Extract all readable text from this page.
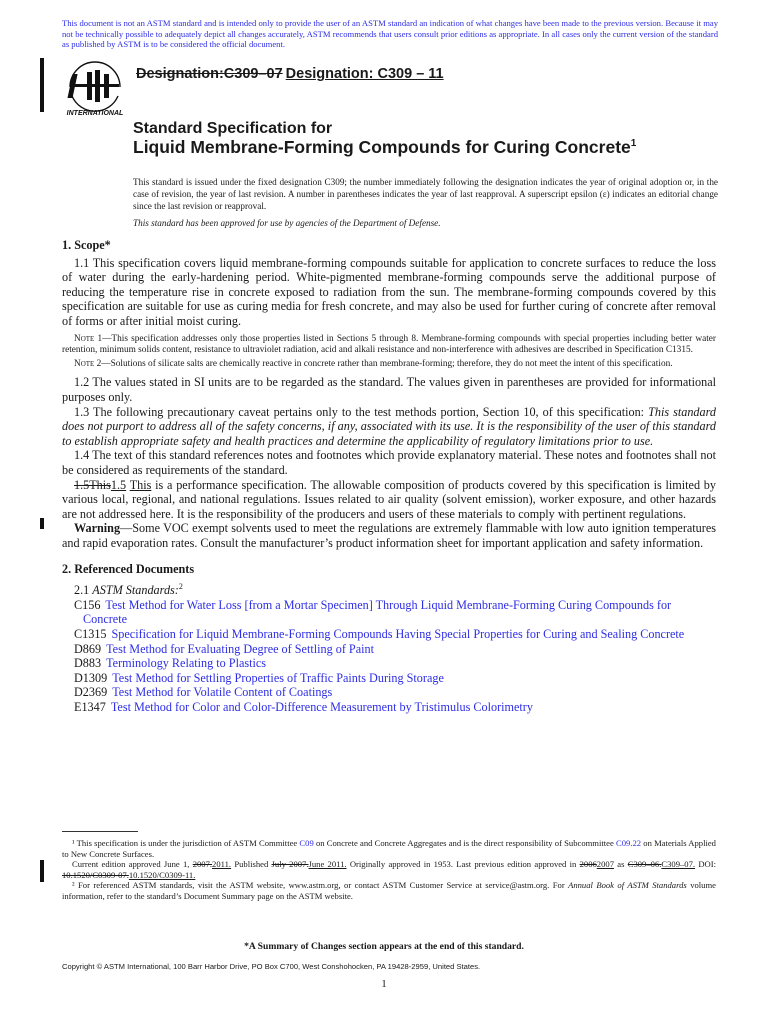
This document is not an ASTM standard and is intended only to provide the user of an ASTM standard an indication of what changes have been made to the previous version. Because it may not be technically possible to adequately depict all changes accurately, ASTM recommends that users consult prior editions as appropriate. In all cases only the current version of the standard as published by ASTM is to be considered the official document.
INTERNATIONAL
Designation:C309–07 Designation: C309 – 11
Standard Specification for
Liquid Membrane-Forming Compounds for Curing Concrete$^1$
This standard is issued under the fixed designation C309; the number immediately following the designation indicates the year of original adoption or, in the case of revision, the year of last revision. A number in parentheses indicates the year of last reapproval. A superscript epsilon (ε) indicates an editorial change since the last revision or reapproval.
This standard has been approved for use by agencies of the Department of Defense.
1. Scope*

1.1 This specification covers liquid membrane-forming compounds suitable for application to concrete surfaces to reduce the loss of water during the early-hardening period. White-pigmented membrane-forming compounds serve the additional purpose of reducing the temperature rise in concrete exposed to radiation from the sun. The membrane-forming compounds covered by this specification are suitable for use as curing media for fresh concrete, and may also be used for further curing of concrete after removal of forms or after initial moist curing.

Note 1—This specification addresses only those properties listed in Sections 5 through 8. Membrane-forming compounds with special properties including better water retention, minimum solids content, resistance to ultraviolet radiation, acid and alkali resistance and non-interference with adhesives are described in Specification C1315.

Note 2—Solutions of silicate salts are chemically reactive in concrete rather than membrane-forming; therefore, they do not meet the intent of this specification.

1.2 The values stated in SI units are to be regarded as the standard. The values given in parentheses are provided for informational purposes only.

1.3 The following precautionary caveat pertains only to the test methods portion, Section 10, of this specification: This standard does not purport to address all of the safety concerns, if any, associated with its use. It is the responsibility of the user of this standard to establish appropriate safety and health practices and determine the applicability of regulatory limitations prior to use.

1.4 The text of this standard references notes and footnotes which provide explanatory material. These notes and footnotes shall not be considered as requirements of the standard.

1.5This1.5 This is a performance specification. The allowable composition of products covered by this specification is limited by various local, regional, and national regulations. Issues related to air quality (solvent emission), worker exposure, and other hazards are not addressed here. It is the responsibility of the producers and users of these materials to comply with pertinent regulations.

Warning—Some VOC exempt solvents used to meet the regulations are extremely flammable with low auto ignition temperatures and rapid evaporation rates. Consult the manufacturer’s product information sheet for important application and safety information.

2. Referenced Documents

2.1 ASTM Standards:$^2$

C156 Test Method for Water Loss [from a Mortar Specimen] Through Liquid Membrane-Forming Curing Compounds for Concrete
C1315 Specification for Liquid Membrane-Forming Compounds Having Special Properties for Curing and Sealing Concrete
D869 Test Method for Evaluating Degree of Settling of Paint
D883 Terminology Relating to Plastics
D1309 Test Method for Settling Properties of Traffic Paints During Storage
D2369 Test Method for Volatile Content of Coatings
E1347 Test Method for Color and Color-Difference Measurement by Tristimulus Colorimetry

¹ This specification is under the jurisdiction of ASTM Committee C09 on Concrete and Concrete Aggregates and is the direct responsibility of Subcommittee C09.22 on Materials Applied to New Concrete Surfaces.

Current edition approved June 1, 2007.2011. Published July 2007.June 2011. Originally approved in 1953. Last previous edition approved in 20062007 as C309–06.C309–07. DOI: 10.1520/C0309-07.10.1520/C0309-11.

² For referenced ASTM standards, visit the ASTM website, www.astm.org, or contact ASTM Customer Service at service@astm.org. For Annual Book of ASTM Standards volume information, refer to the standard’s Document Summary page on the ASTM website.

*A Summary of Changes section appears at the end of this standard.
Copyright © ASTM International, 100 Barr Harbor Drive, PO Box C700, West Conshohocken, PA 19428-2959, United States.
1
